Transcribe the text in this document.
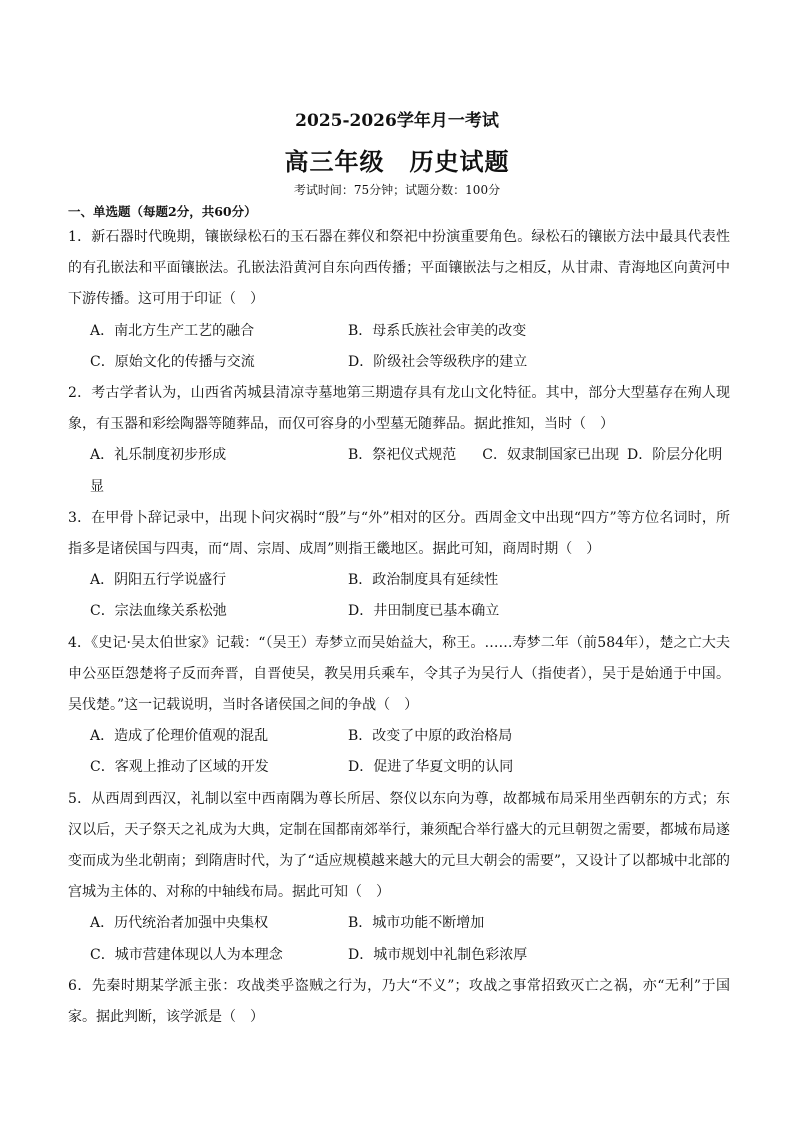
2025-2026学年月一考试
高三年级　历史试题
考试时间：75分钟；试题分数：100分
一、单选题（每题2分，共60分）

1．新石器时代晚期，镶嵌绿松石的玉石器在葬仪和祭祀中扮演重要角色。绿松石的镶嵌方法中最具代表性的有孔嵌法和平面镶嵌法。孔嵌法沿黄河自东向西传播；平面镶嵌法与之相反，从甘肃、青海地区向黄河中下游传播。这可用于印证（　）

A．南北方生产工艺的融合	B．母系氏族社会审美的改变
C．原始文化的传播与交流	D．阶级社会等级秩序的建立

2．考古学者认为，山西省芮城县清凉寺墓地第三期遗存具有龙山文化特征。其中，部分大型墓存在殉人现象，有玉器和彩绘陶器等随葬品，而仅可容身的小型墓无随葬品。据此推知，当时（　）

A．礼乐制度初步形成	B．祭祀仪式规范 C．奴隶制国家已出现 D．阶层分化明
显

3．在甲骨卜辞记录中，出现卜问灾祸时“殷”与“外”相对的区分。西周金文中出现“四方”等方位名词时，所指多是诸侯国与四夷，而“周、宗周、成周”则指王畿地区。据此可知，商周时期（　）

A．阴阳五行学说盛行	B．政治制度具有延续性
C．宗法血缘关系松弛	D．井田制度已基本确立

4．《史记·吴太伯世家》记载：“（吴王）寿梦立而吴始益大，称王。……寿梦二年（前584年），楚之亡大夫申公巫臣怨楚将子反而奔晋，自晋使吴，教吴用兵乘车，令其子为吴行人（指使者），吴于是始通于中国。吴伐楚。”这一记载说明，当时各诸侯国之间的争战（　）

A．造成了伦理价值观的混乱	B．改变了中原的政治格局
C．客观上推动了区域的开发	D．促进了华夏文明的认同

5．从西周到西汉，礼制以室中西南隅为尊长所居、祭仪以东向为尊，故都城布局采用坐西朝东的方式；东汉以后，天子祭天之礼成为大典，定制在国都南郊举行，兼须配合举行盛大的元旦朝贺之需要，都城布局遂变而成为坐北朝南；到隋唐时代，为了“适应规模越来越大的元旦大朝会的需要”，又设计了以都城中北部的宫城为主体的、对称的中轴线布局。据此可知（　）

A．历代统治者加强中央集权	B．城市功能不断增加
C．城市营建体现以人为本理念	D．城市规划中礼制色彩浓厚

6．先秦时期某学派主张：攻战类乎盗贼之行为，乃大“不义”；攻战之事常招致灭亡之祸，亦“无利”于国家。据此判断，该学派是（　）
